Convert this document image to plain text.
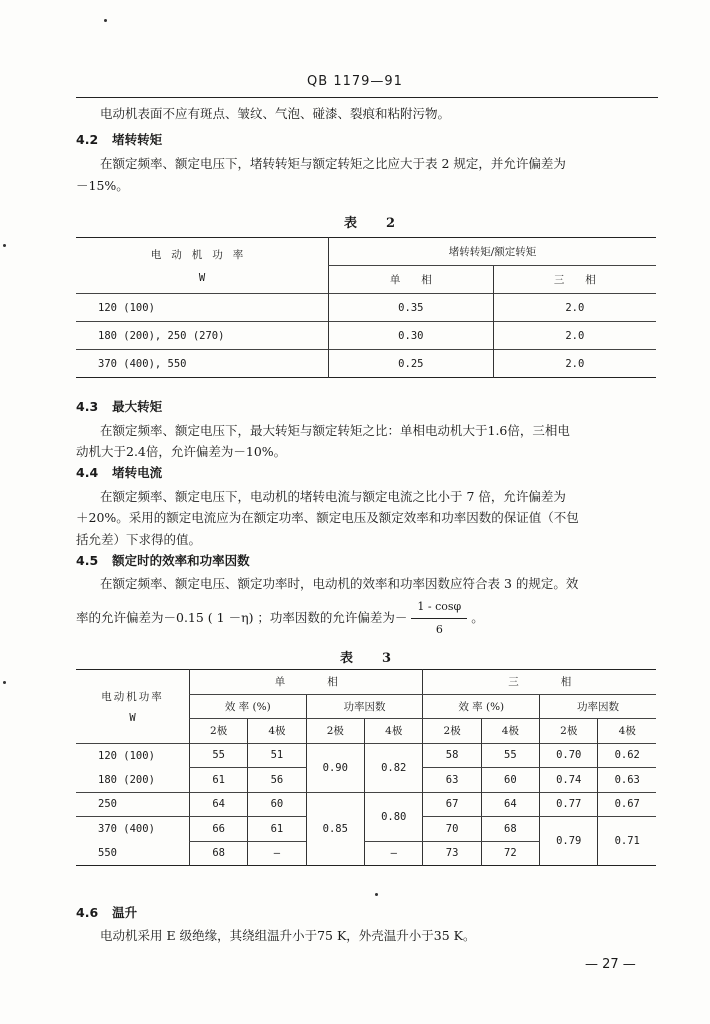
QB 1179—91
电动机表面不应有斑点、皱纹、气泡、碰漆、裂痕和粘附污物。
4.2 堵转转矩
在额定频率、额定电压下，堵转转矩与额定转矩之比应大于表 2 规定，并允许偏差为
－15%。
表　2
电动机功率
W	堵转转矩/额定转矩	
	单　　相	三　　相
120 (100)	0.35	2.0
180 (200), 250 (270)	0.30	2.0
370 (400), 550	0.25	2.0
4.3 最大转矩
在额定频率、额定电压下，最大转矩与额定转矩之比：单相电动机大于1.6倍，三相电
动机大于2.4倍，允许偏差为－10%。
4.4 堵转电流
在额定频率、额定电压下，电动机的堵转电流与额定电流之比小于 7 倍，允许偏差为
＋20%。采用的额定电流应为在额定功率、额定电压及额定效率和功率因数的保证值（不包
括允差）下求得的值。
4.5 额定时的效率和功率因数
在额定频率、额定电压、额定功率时，电动机的效率和功率因数应符合表 3 的规定。效
率的允许偏差为－0.15 ( 1 －η) ；功率因数的允许偏差为－ $\frac{1 - \cos\varphi}{6}$ 。
表　3
电动机功率
W	单　　　　相				三　　　　相			
	效 率 (%)		功率因数		效 率 (%)		功率因数	
	2极	4极	2极	4极	2极	4极	2极	4极
120 (100)	55	51	0.90	0.82	58	55	0.70	0.62
180 (200)	61	56			63	60	0.74	0.63
250	64	60	0.85	0.80	67	64	0.77	0.67
370 (400)	66	61			70	68	0.79	0.71
550	68	—		—	73	72		
4.6 温升
电动机采用 E 级绝缘，其绕组温升小于75 K，外壳温升小于35 K。
— 27 —
